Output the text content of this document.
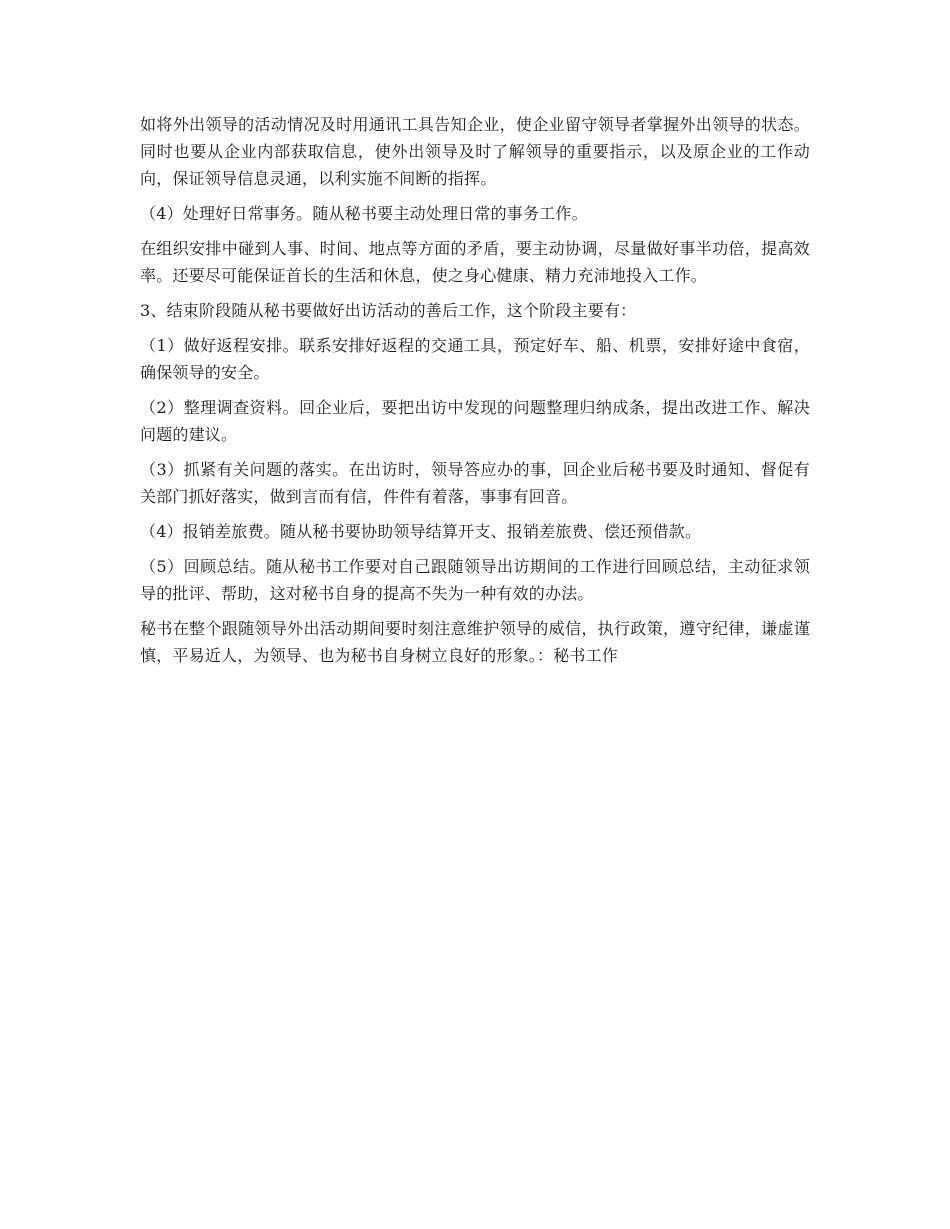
如将外出领导的活动情况及时用通讯工具告知企业，使企业留守领导者掌握外出领导的状态。同时也要从企业内部获取信息，使外出领导及时了解领导的重要指示，以及原企业的工作动向，保证领导信息灵通，以利实施不间断的指挥。

（4）处理好日常事务。随从秘书要主动处理日常的事务工作。

在组织安排中碰到人事、时间、地点等方面的矛盾，要主动协调，尽量做好事半功倍，提高效率。还要尽可能保证首长的生活和休息，使之身心健康、精力充沛地投入工作。

3、结束阶段随从秘书要做好出访活动的善后工作，这个阶段主要有：

（1）做好返程安排。联系安排好返程的交通工具，预定好车、船、机票，安排好途中食宿，确保领导的安全。

（2）整理调查资料。回企业后，要把出访中发现的问题整理归纳成条，提出改进工作、解决问题的建议。

（3）抓紧有关问题的落实。在出访时，领导答应办的事，回企业后秘书要及时通知、督促有关部门抓好落实，做到言而有信，件件有着落，事事有回音。

（4）报销差旅费。随从秘书要协助领导结算开支、报销差旅费、偿还预借款。

（5）回顾总结。随从秘书工作要对自己跟随领导出访期间的工作进行回顾总结，主动征求领导的批评、帮助，这对秘书自身的提高不失为一种有效的办法。

秘书在整个跟随领导外出活动期间要时刻注意维护领导的威信，执行政策，遵守纪律，谦虚谨慎，平易近人，为领导、也为秘书自身树立良好的形象。：秘书工作
